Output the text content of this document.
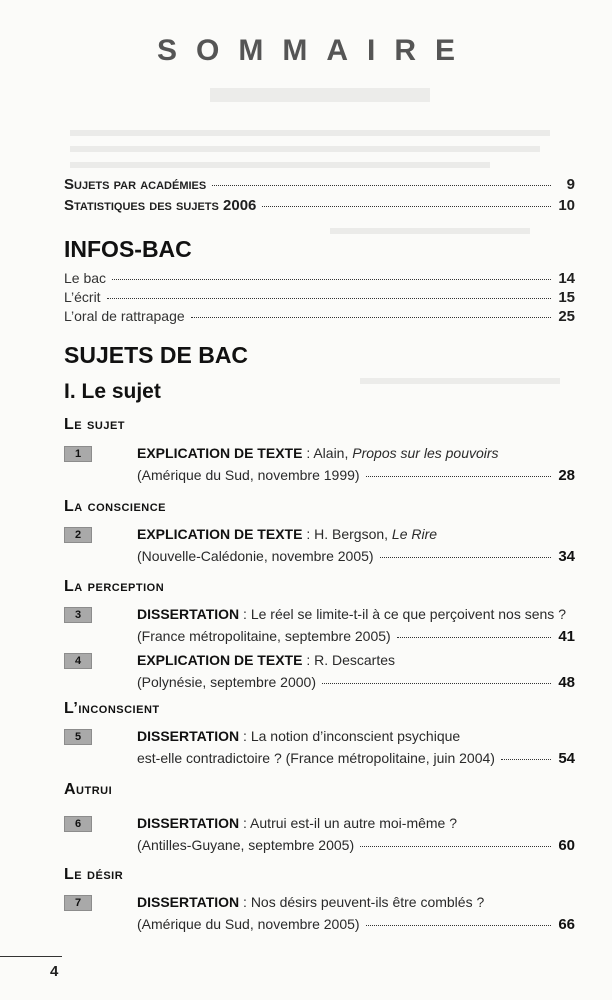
SOMMAIRE
Sujets par académies	9
Statistiques des sujets 2006	10
INFOS-BAC
Le bac	14
L’écrit	15
L’oral de rattrapage	25
SUJETS DE BAC
I. Le sujet
Le sujet
1	EXPLICATION DE TEXTE : Alain, Propos sur les pouvoirs
(Amérique du Sud, novembre 1999)	28
La conscience
2	EXPLICATION DE TEXTE : H. Bergson, Le Rire
(Nouvelle-Calédonie, novembre 2005)	34
La perception
3	DISSERTATION : Le réel se limite-t-il à ce que perçoivent nos sens ?
(France métropolitaine, septembre 2005)	41
4	EXPLICATION DE TEXTE : R. Descartes
(Polynésie, septembre 2000)	48
L’inconscient
5	DISSERTATION : La notion d’inconscient psychique
est-elle contradictoire ? (France métropolitaine, juin 2004)	54
Autrui
6	DISSERTATION : Autrui est-il un autre moi-même ?
(Antilles-Guyane, septembre 2005)	60
Le désir
7	DISSERTATION : Nos désirs peuvent-ils être comblés ?
(Amérique du Sud, novembre 2005)	66
4
